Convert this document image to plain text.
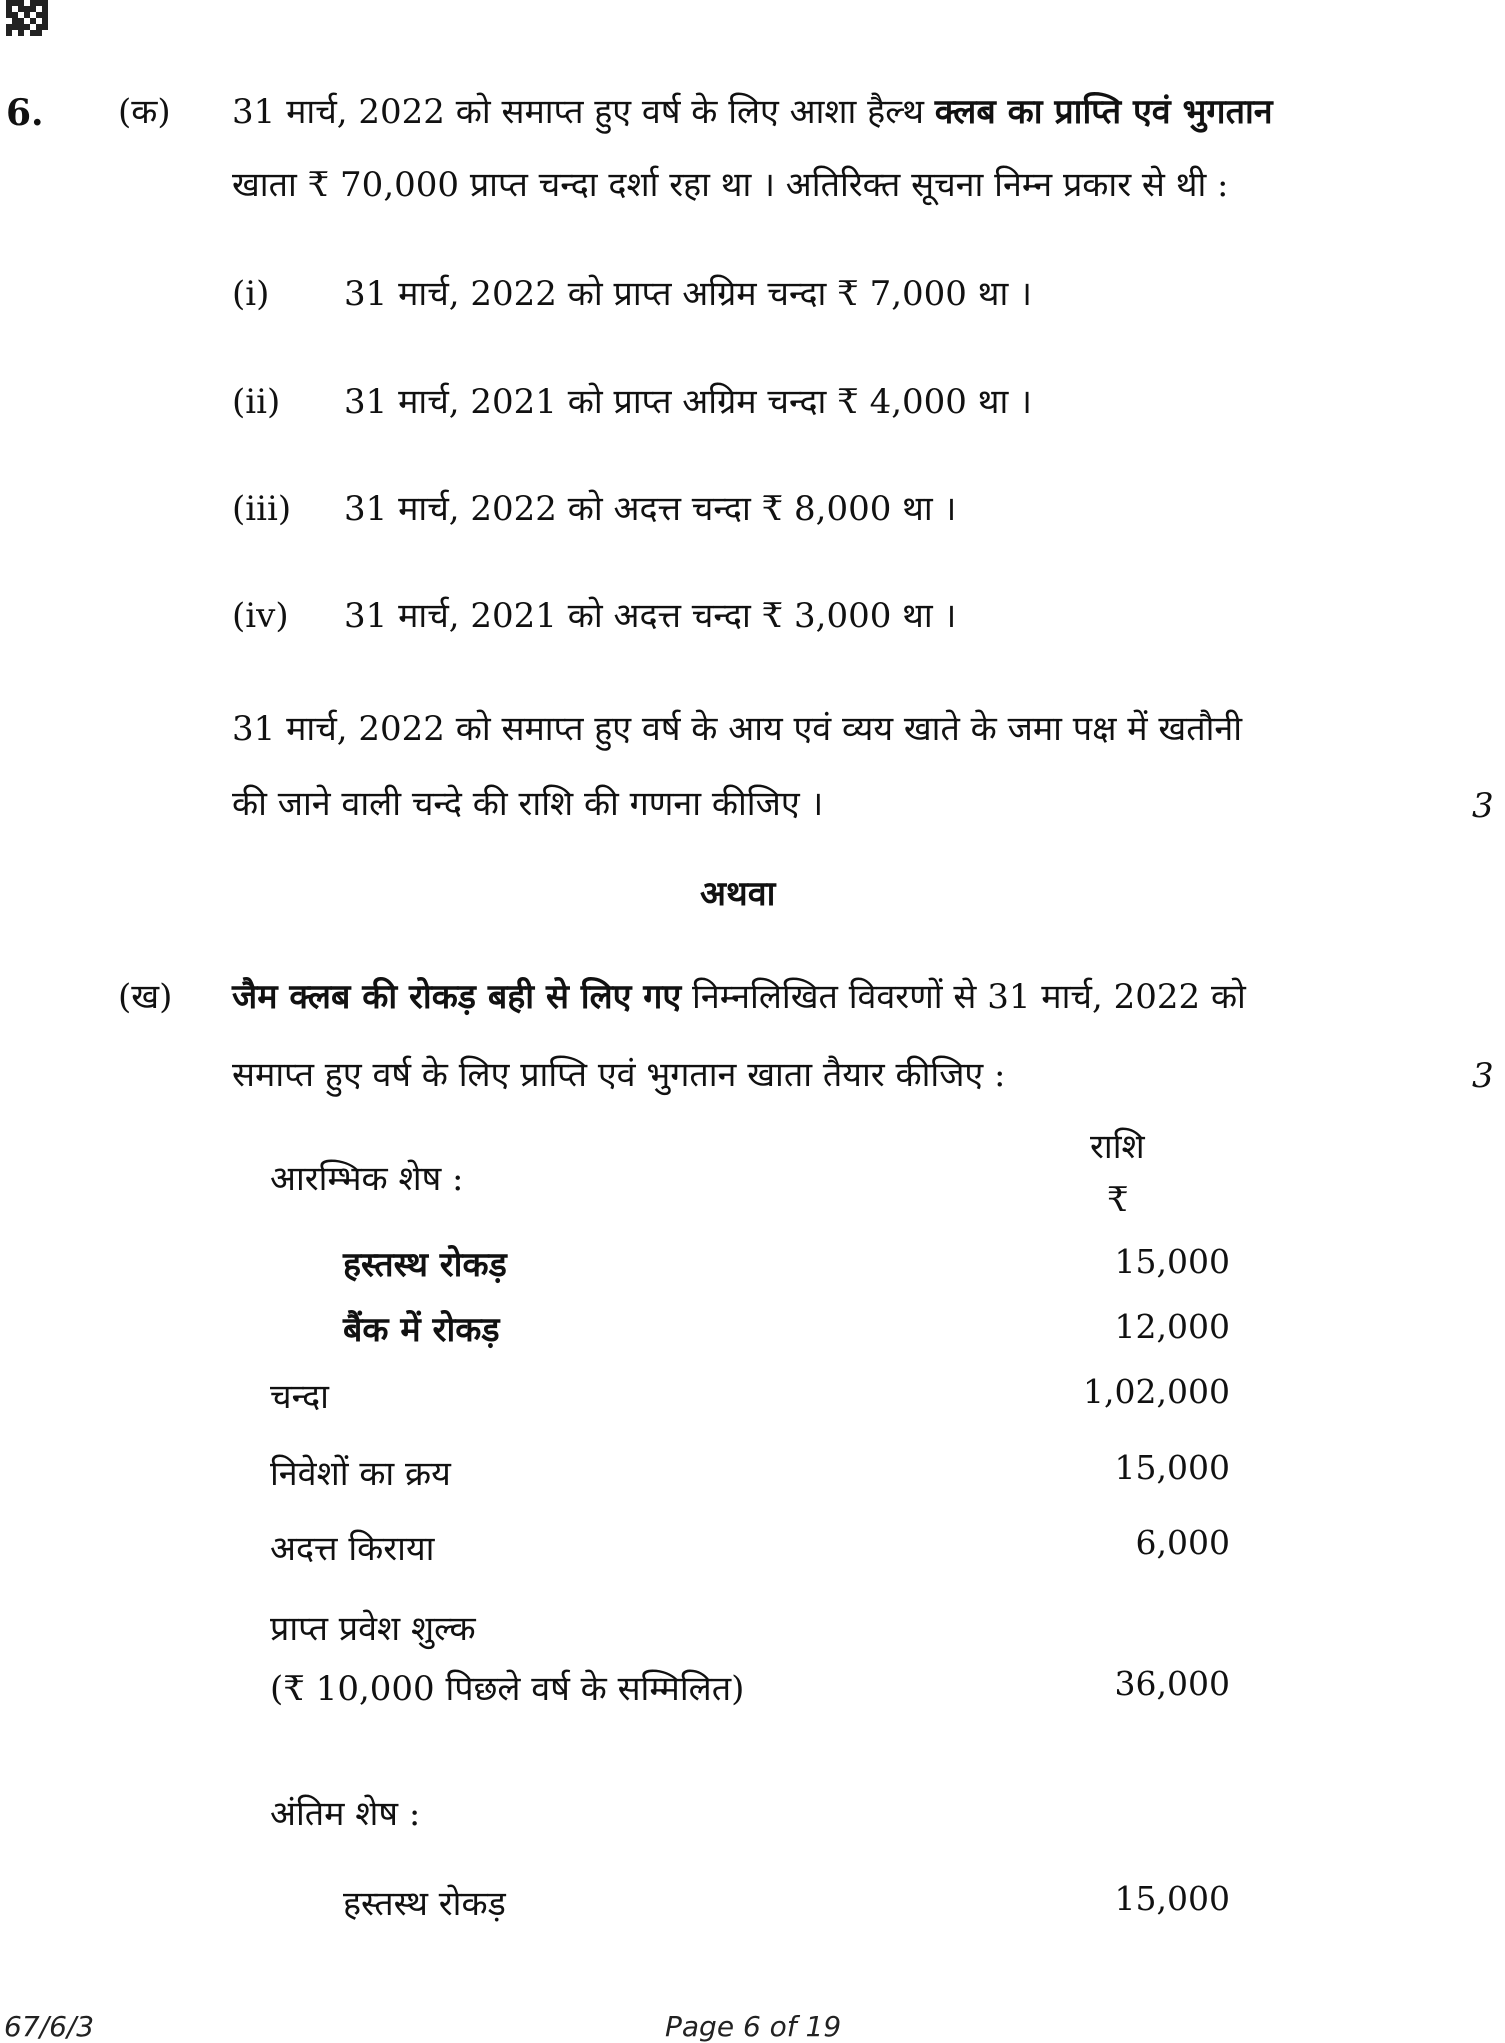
6. (क) 31 मार्च, 2022 को समाप्त हुए वर्ष के लिए आशा हैल्थ क्लब का प्राप्ति एवं भुगतान
खाता ₹ 70,000 प्राप्त चन्दा दर्शा रहा था । अतिरिक्त सूचना निम्न प्रकार से थी :
(i) 31 मार्च, 2022 को प्राप्त अग्रिम चन्दा ₹ 7,000 था ।
(ii) 31 मार्च, 2021 को प्राप्त अग्रिम चन्दा ₹ 4,000 था ।
(iii) 31 मार्च, 2022 को अदत्त चन्दा ₹ 8,000 था ।
(iv) 31 मार्च, 2021 को अदत्त चन्दा ₹ 3,000 था ।
31 मार्च, 2022 को समाप्त हुए वर्ष के आय एवं व्यय खाते के जमा पक्ष में खतौनी
की जाने वाली चन्दे की राशि की गणना कीजिए ।	3
अथवा
(ख) जैम क्लब की रोकड़ बही से लिए गए निम्नलिखित विवरणों से 31 मार्च, 2022 को
समाप्त हुए वर्ष के लिए प्राप्ति एवं भुगतान खाता तैयार कीजिए :	3
राशि
₹
आरम्भिक शेष :
हस्तस्थ रोकड़	15,000
बैंक में रोकड़	12,000
चन्दा	1,02,000
निवेशों का क्रय	15,000
अदत्त किराया	6,000
प्राप्त प्रवेश शुल्क
(₹ 10,000 पिछले वर्ष के सम्मिलित)	36,000
अंतिम शेष :
हस्तस्थ रोकड़	15,000
67/6/3	Page 6 of 19
